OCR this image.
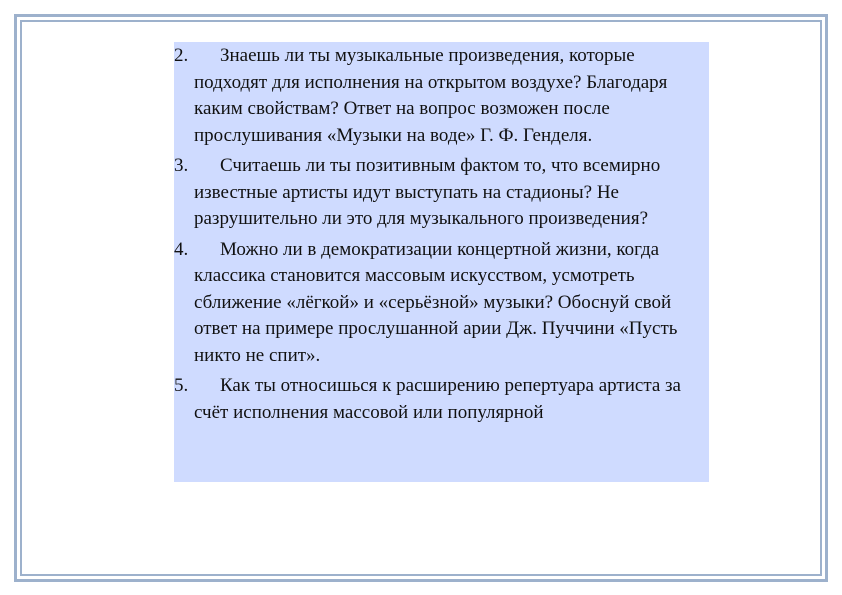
2.	Знаешь ли ты музыкальные произведения, которые подходят для исполнения на открытом воздухе? Благодаря каким свойствам? Ответ на вопрос возможен после прослушивания «Музыки на воде» Г. Ф. Генделя.
3.	Считаешь ли ты позитивным фактом то, что всемирно известные артисты идут выступать на стадионы? Не разрушительно ли это для музыкального произведения?
4.	Можно ли в демократизации концертной жизни, когда классика становится массовым искусством, усмотреть сближение «лёгкой» и «серьёзной» музыки? Обоснуй свой ответ на примере прослушанной арии Дж. Пуччини «Пусть никто не спит».
5.	Как ты относишься к расширению репертуара артиста за счёт исполнения массовой или популярной
